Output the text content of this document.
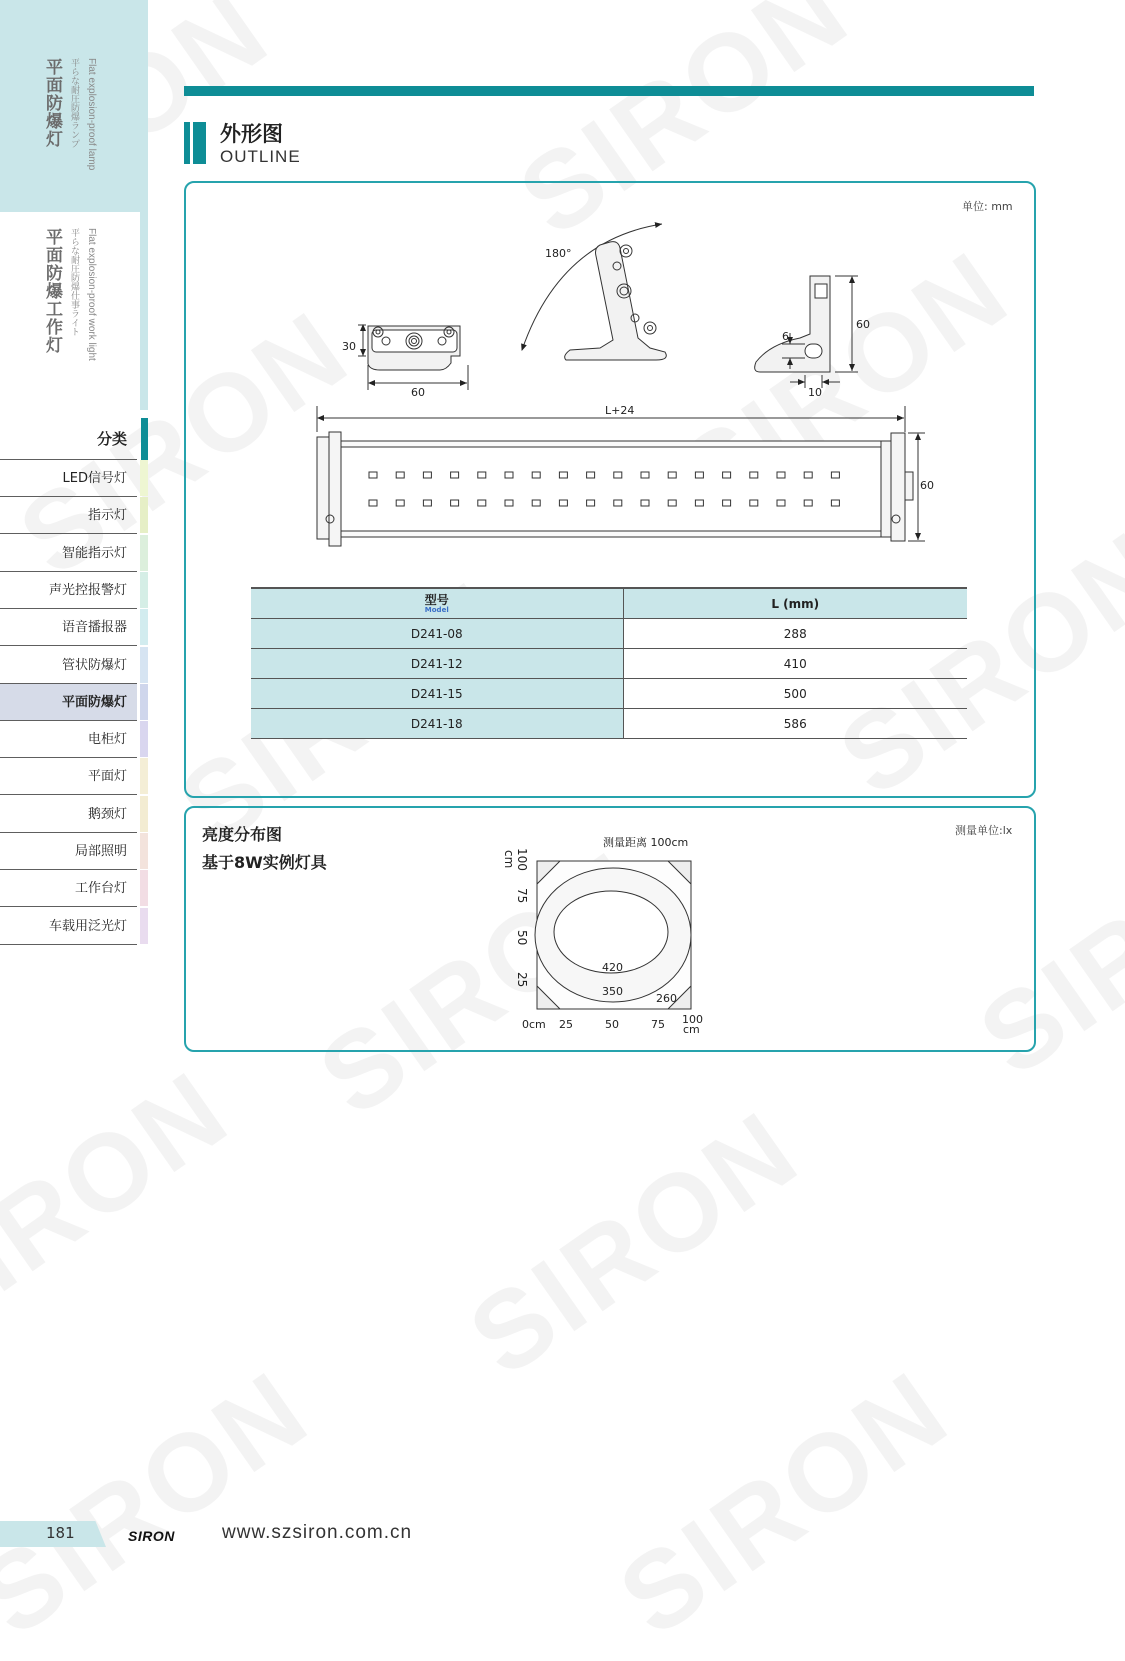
平面防爆灯	Flat explosion-proof lamp
平らな耐圧防爆ランプ
平面防爆工作灯	Flat explosion-proof work light
平らな耐圧防爆仕事ライト
分类
LED信号灯
指示灯
智能指示灯
声光控报警灯
语音播报器
管状防爆灯
平面防爆灯
电柜灯
平面灯
鹅颈灯
局部照明
工作台灯
车载用泛光灯
外形图
OUTLINE
单位: mm
30
60
180°
60
6
10
L+24
60
测量距离 100cm
100
cm
75
50
25
0cm 25	50	75 100
cm
420
350
260
型号
Model	L (mm)
D241-08	288
D241-12	410
D241-15	500
D241-18	586
亮度分布图
基于8W实例灯具
测量单位:lx
181	SIRON www.szsiron.com.cn
